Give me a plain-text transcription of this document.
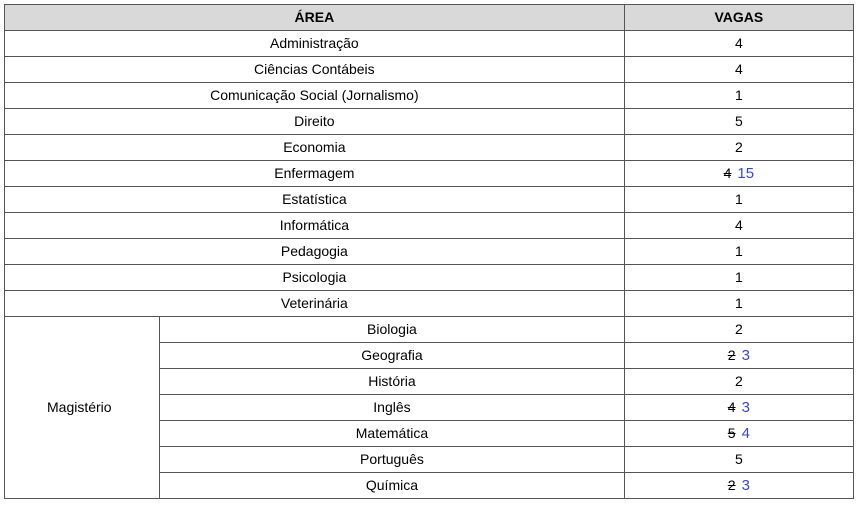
ÁREA		VAGAS
Administração		4
Ciências Contábeis		4
Comunicação Social (Jornalismo)		1
Direito		5
Economia		2
Enfermagem		4 15
Estatística		1
Informática		4
Pedagogia		1
Psicologia		1
Veterinária		1
Magistério	Biologia	2
	Geografia	2 3
	História	2
	Inglês	4 3
	Matemática	5 4
	Português	5
	Química	2 3
